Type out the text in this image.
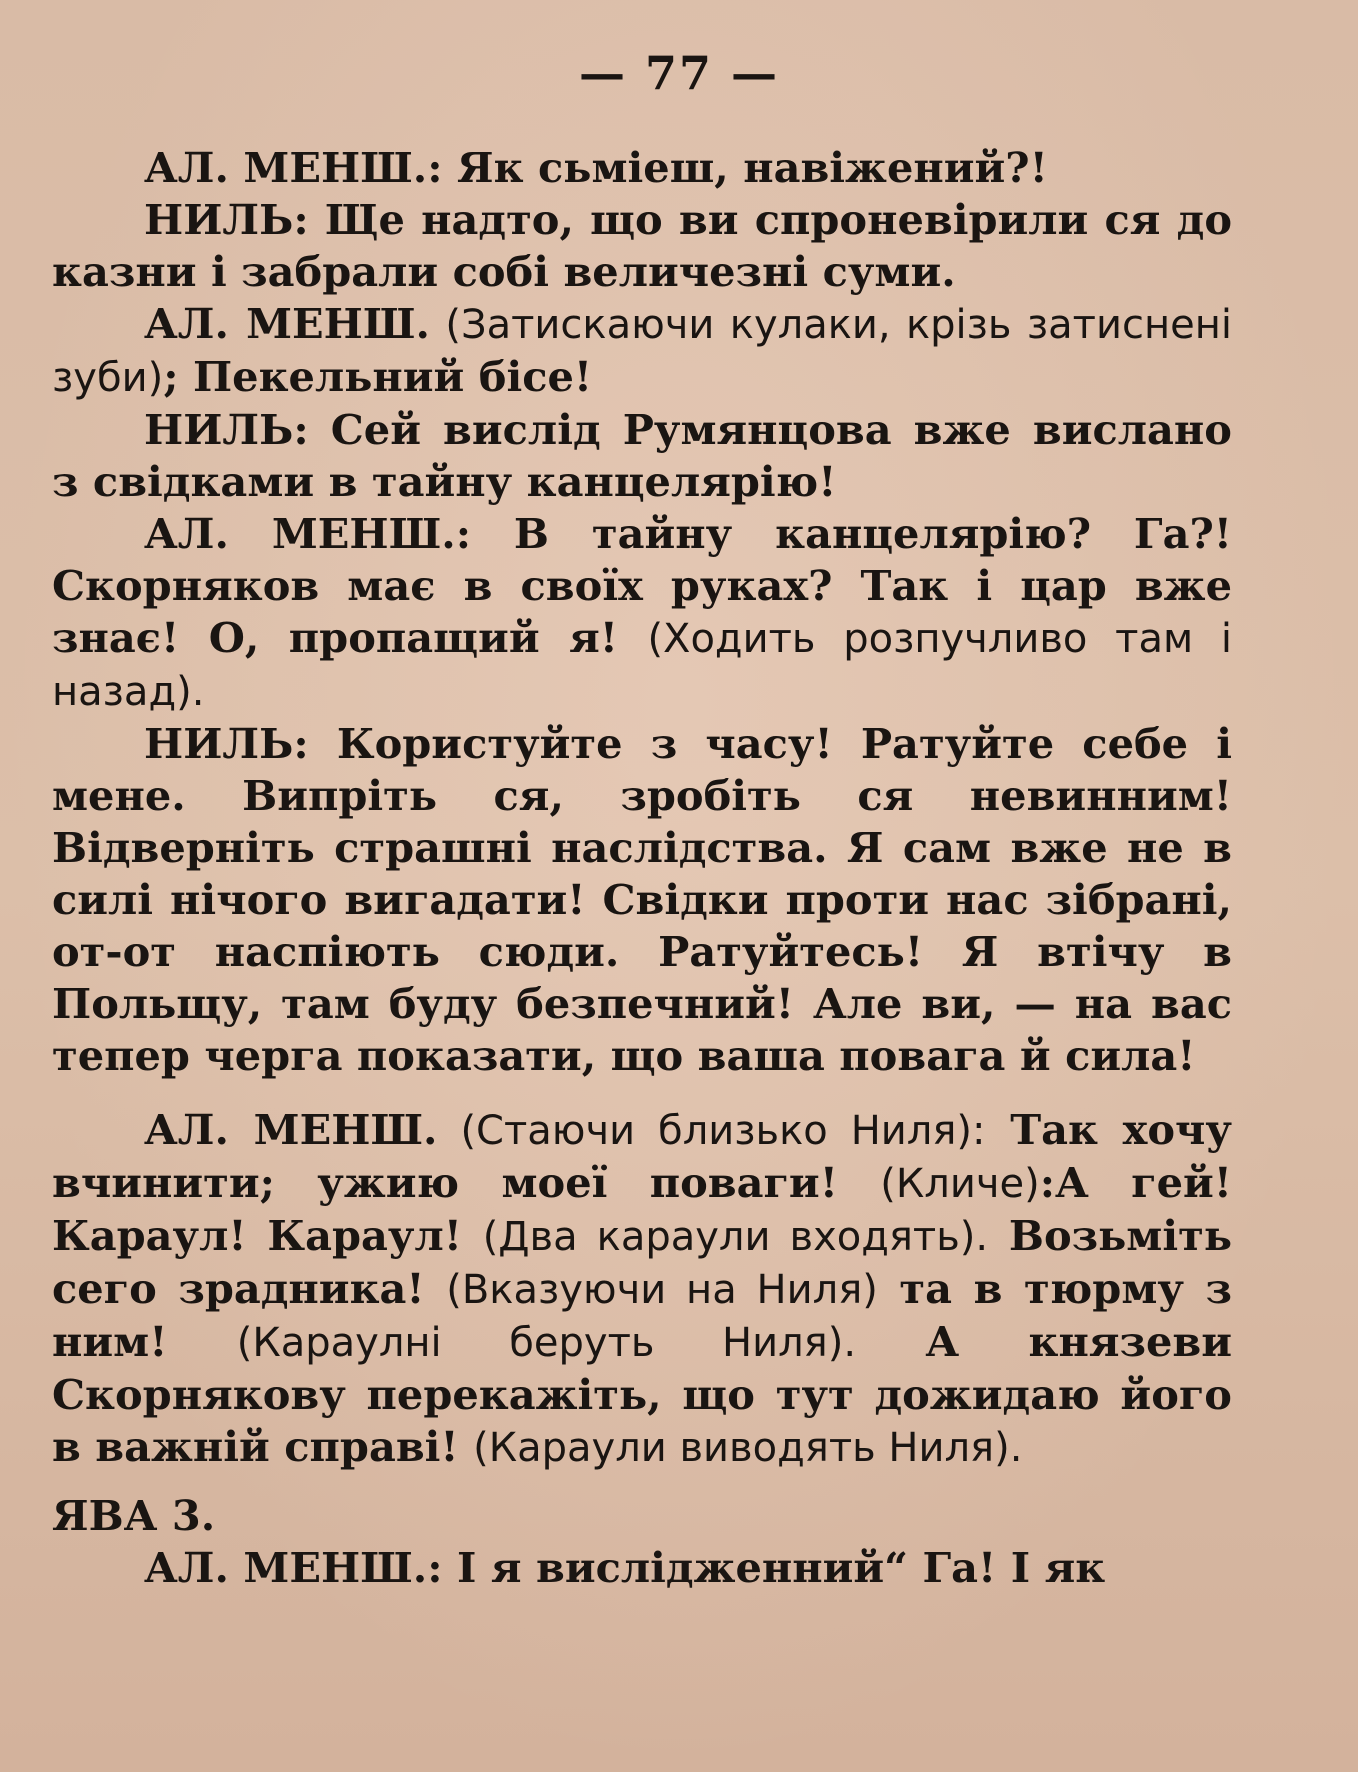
— 77 —

АЛ. МЕНШ.: Як сьміеш, навіжений?!

НИЛЬ: Ще надто, що ви спроневірили ся до казни і забрали собі величезні суми.

АЛ. МЕНШ. (Затискаючи кулаки, крізь затиснені зуби); Пекельний бісе!

НИЛЬ: Сей вислід Румянцова вже вислано з свідками в тайну канцелярію!

АЛ. МЕНШ.: В тайну канцелярію? Га?! Скорняков має в своїх руках? Так і цар вже знає! О, пропащий я! (Ходить розпучливо там і назад).

НИЛЬ: Користуйте з часу! Ратуйте себе і мене. Випріть ся, зробіть ся невинним! Відверніть страшні наслідства. Я сам вже не в силі нічого вигадати! Свідки проти нас зібрані, от-от наспіють сюди. Ратуйтесь! Я втічу в Польщу, там буду безпечний! Але ви, — на вас тепер черга показати, що ваша повага й сила!

АЛ. МЕНШ. (Стаючи близько Ниля): Так хочу вчинити; ужию моеї поваги! (Кличе):А гей! Караул! Караул! (Два караули входять). Возьміть сего зрадника! (Вказуючи на Ниля) та в тюрму з ним! (Караулні беруть Ниля). А князеви Скорнякову перекажіть, що тут дожидаю його в важній справі! (Караули виводять Ниля).

ЯВА 3.

АЛ. МЕНШ.: І я вислідженний“ Га! І як
